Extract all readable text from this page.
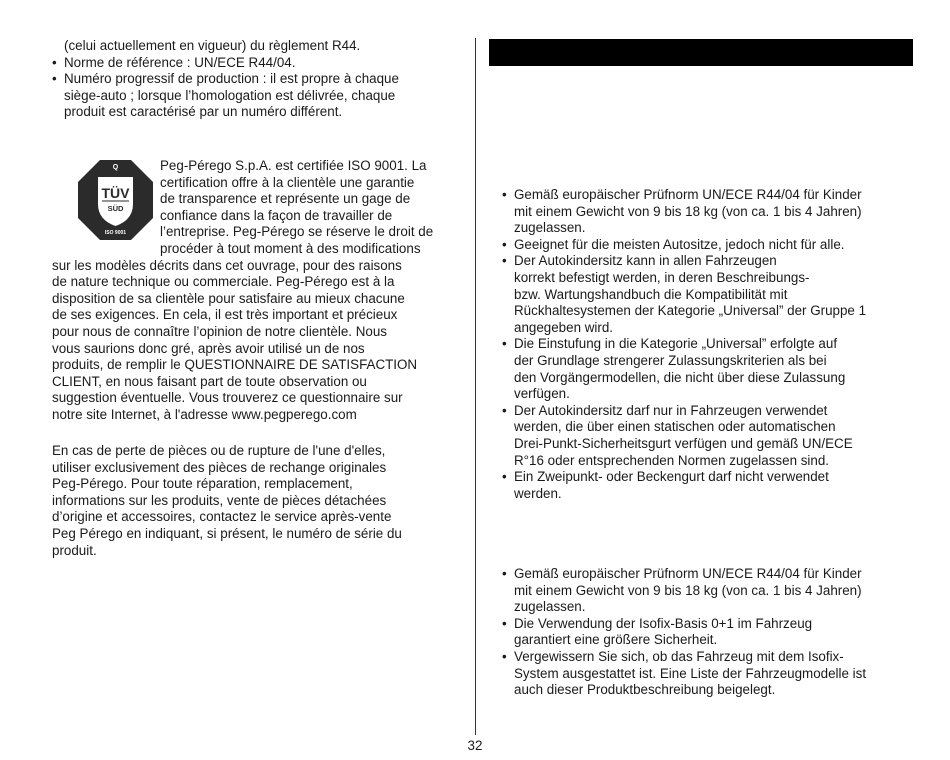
(celui actuellement en vigueur) du règlement R44.
• Norme de référence : UN/ECE R44/04.
• Numéro progressif de production : il est propre à chaque
siège-auto ; lorsque l’homologation est délivrée, chaque
produit est caractérisé par un numéro différent.
Q
TÜV
SÜD
ISO 9001
Peg-Pérego S.p.A. est certifiée ISO 9001. La
certification offre à la clientèle une garantie
de transparence et représente un gage de
confiance dans la façon de travailler de
l’entreprise. Peg-Pérego se réserve le droit de
procéder à tout moment à des modifications
sur les modèles décrits dans cet ouvrage, pour des raisons
de nature technique ou commerciale. Peg-Pérego est à la
disposition de sa clientèle pour satisfaire au mieux chacune
de ses exigences. En cela, il est très important et précieux
pour nous de connaître l’opinion de notre clientèle. Nous
vous saurions donc gré, après avoir utilisé un de nos
produits, de remplir le QUESTIONNAIRE DE SATISFACTION
CLIENT, en nous faisant part de toute observation ou
suggestion éventuelle. Vous trouverez ce questionnaire sur
notre site Internet, à l'adresse www.pegperego.com
En cas de perte de pièces ou de rupture de l'une d'elles,
utiliser exclusivement des pièces de rechange originales
Peg-Pérego. Pour toute réparation, remplacement,
informations sur les produits, vente de pièces détachées
d’origine et accessoires, contactez le service après-vente
Peg Pérego en indiquant, si présent, le numéro de série du
produit.
• Gemäß europäischer Prüfnorm UN/ECE R44/04 für Kinder
mit einem Gewicht von 9 bis 18 kg (von ca. 1 bis 4 Jahren)
zugelassen.
• Geeignet für die meisten Autositze, jedoch nicht für alle.
• Der Autokindersitz kann in allen Fahrzeugen
korrekt befestigt werden, in deren Beschreibungs-
bzw. Wartungshandbuch die Kompatibilität mit
Rückhaltesystemen der Kategorie „Universal” der Gruppe 1
angegeben wird.
• Die Einstufung in die Kategorie „Universal” erfolgte auf
der Grundlage strengerer Zulassungskriterien als bei
den Vorgängermodellen, die nicht über diese Zulassung
verfügen.
• Der Autokindersitz darf nur in Fahrzeugen verwendet
werden, die über einen statischen oder automatischen
Drei-Punkt-Sicherheitsgurt verfügen und gemäß UN/ECE
R°16 oder entsprechenden Normen zugelassen sind.
• Ein Zweipunkt- oder Beckengurt darf nicht verwendet
werden.
• Gemäß europäischer Prüfnorm UN/ECE R44/04 für Kinder
mit einem Gewicht von 9 bis 18 kg (von ca. 1 bis 4 Jahren)
zugelassen.
• Die Verwendung der Isofix-Basis 0+1 im Fahrzeug
garantiert eine größere Sicherheit.
• Vergewissern Sie sich, ob das Fahrzeug mit dem Isofix-
System ausgestattet ist. Eine Liste der Fahrzeugmodelle ist
auch dieser Produktbeschreibung beigelegt.
32
